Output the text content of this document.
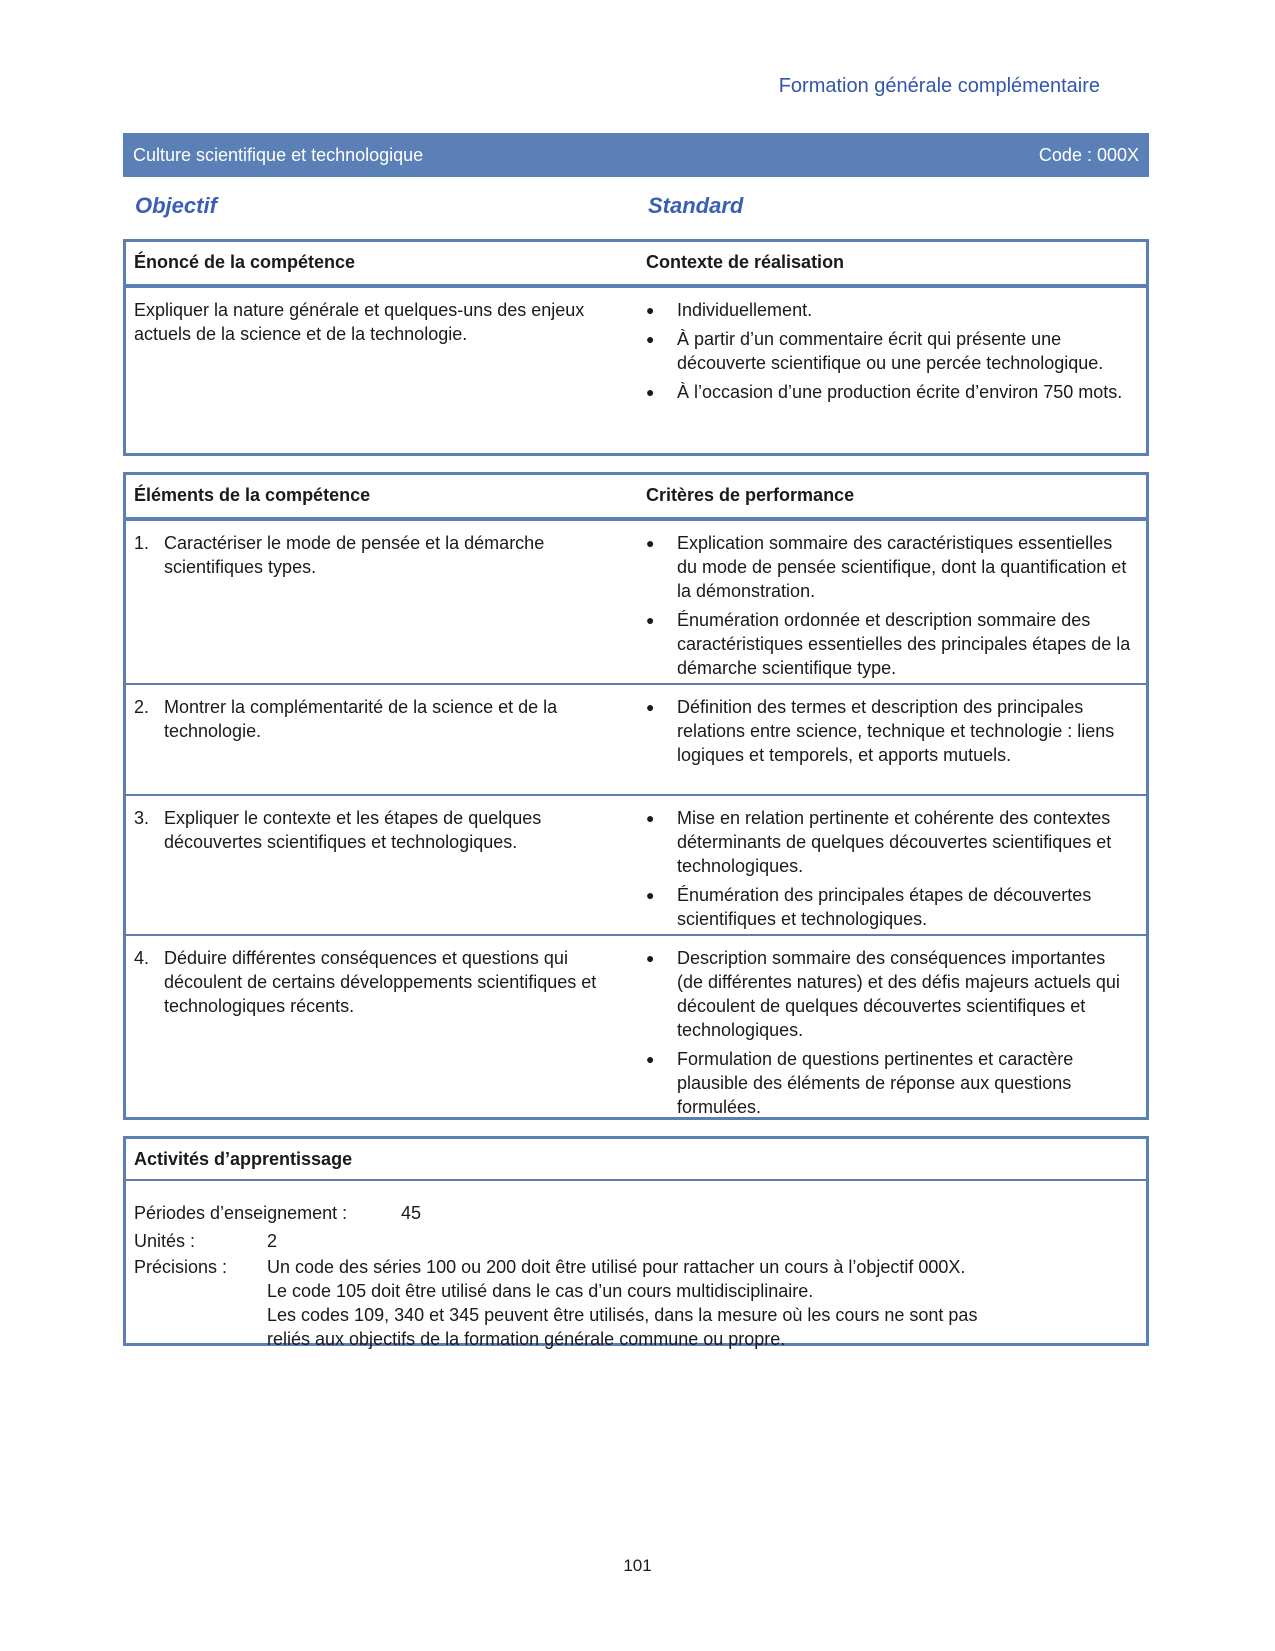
Formation générale complémentaire
Culture scientifique et technologique	Code : 000X
Objectif	Standard
Énoncé de la compétence	Contexte de réalisation
Expliquer la nature générale et quelques-uns des enjeux actuels de la science et de la technologie.
● Individuellement.
● À partir d’un commentaire écrit qui présente une découverte scientifique ou une percée technologique.
● À l’occasion d’une production écrite d’environ 750 mots.
Éléments de la compétence	Critères de performance
1. Caractériser le mode de pensée et la démarche scientifiques types.
● Explication sommaire des caractéristiques essentielles du mode de pensée scientifique, dont la quantification et la démonstration.
● Énumération ordonnée et description sommaire des caractéristiques essentielles des principales étapes de la démarche scientifique type.
2. Montrer la complémentarité de la science et de la technologie.
● Définition des termes et description des principales relations entre science, technique et technologie : liens logiques et temporels, et apports mutuels.
3. Expliquer le contexte et les étapes de quelques découvertes scientifiques et technologiques.
● Mise en relation pertinente et cohérente des contextes déterminants de quelques découvertes scientifiques et technologiques.
● Énumération des principales étapes de découvertes scientifiques et technologiques.
4. Déduire différentes conséquences et questions qui découlent de certains développements scientifiques et technologiques récents.
● Description sommaire des conséquences importantes (de différentes natures) et des défis majeurs actuels qui découlent de quelques découvertes scientifiques et technologiques.
● Formulation de questions pertinentes et caractère plausible des éléments de réponse aux questions formulées.
Activités d’apprentissage
Périodes d’enseignement :	45
Unités :	2
Précisions : Un code des séries 100 ou 200 doit être utilisé pour rattacher un cours à l’objectif 000X.
Le code 105 doit être utilisé dans le cas d’un cours multidisciplinaire.
Les codes 109, 340 et 345 peuvent être utilisés, dans la mesure où les cours ne sont pas
reliés aux objectifs de la formation générale commune ou propre.
101
